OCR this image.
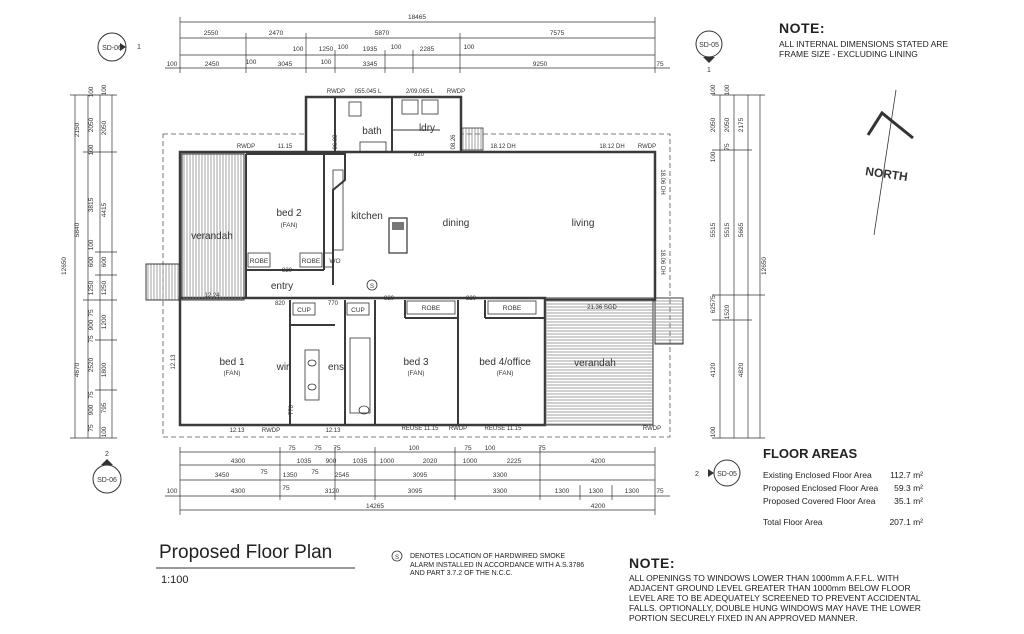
18465
2550	2470	5870	7575
100 1250 100 1935 100	2285	100
100	2450	100	3045	100	3345	9250	75
12650
2150
5840
4670
100
2050
100
3815
100
600
1250
75
900
75
2520
75
900
75
100
2050
4415
1250
600
1200
1800
795
100
12650
100
2050
100
5515
75
625
4120
100
100
2050
75
5515
1520
2175
5665
4820
75	75 75	100	75 100	75
4300	1035 900	1035 1000	2020	1000	2225	4200
3450	75 1350 75 2545	3095	3300
100	4300	75	3120	3095	3300	1300	1300	1300	75
14265	4200
S
verandah
bed 2
(FAN)
kitchen
dining	living
bath	ldry
entry
bed 1
(FAN)
wir	ens	bed 3
(FAN)
bed 4/office
(FAN)
verandah
ROBE	ROBE
ROBE	ROBE
WO
CUP	CUP
RWDP 055.045 L	2/09.065 L RWDP
RWDP	11.15	18.12 DH	18.12 DH RWDP
18.06 DH
18.06 DH
21.36 SGD
12.24
12.13
12.13	12.13
RWDP	REUSE 11.15 RWDP	REUSE 11.15	RWDP
820
820
820	770
820	820
770
06.09	08.26
SD-06 1	SD-05
1
SD-06
2
SD-05
2
NORTH
S
NOTE:
ALL INTERNAL DIMENSIONS STATED ARE
FRAME SIZE - EXCLUDING LINING
FLOOR AREAS
Existing Enclosed Floor Area 112.7 m²
Proposed Enclosed Floor Area 59.3 m²
Proposed Covered Floor Area 35.1 m²
Total Floor Area	207.1 m²
Proposed Floor Plan
1:100
DENOTES LOCATION OF HARDWIRED SMOKE ALARM INSTALLED IN ACCORDANCE WITH A.S.3786 AND PART 3.7.2 OF THE N.C.C.
NOTE:
ALL OPENINGS TO WINDOWS LOWER THAN 1000mm A.F.F.L. WITH ADJACENT GROUND LEVEL GREATER THAN 1000mm BELOW FLOOR LEVEL ARE TO BE ADEQUATELY SCREENED TO PREVENT ACCIDENTAL FALLS. OPTIONALLY, DOUBLE HUNG WINDOWS MAY HAVE THE LOWER PORTION SECURELY FIXED IN AN APPROVED MANNER.
